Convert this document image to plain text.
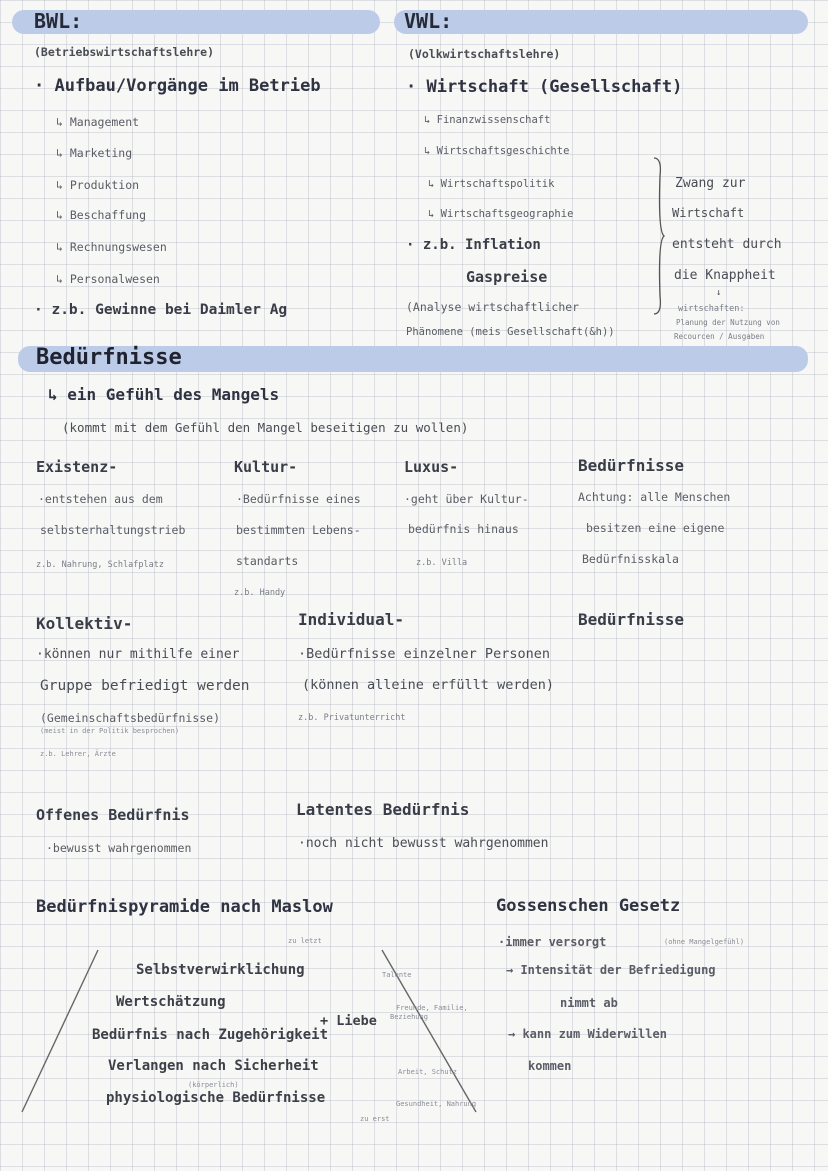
BWL:
(Betriebswirtschaftslehre)
· Aufbau/Vorgänge im Betrieb
↳ Management
↳ Marketing
↳ Produktion
↳ Beschaffung
↳ Rechnungswesen
↳ Personalwesen
· z.b. Gewinne bei Daimler Ag
VWL:
(Volkwirtschaftslehre)
· Wirtschaft (Gesellschaft)
↳ Finanzwissenschaft
↳ Wirtschaftsgeschichte
↳ Wirtschaftspolitik
↳ Wirtschaftsgeographie
· z.b. Inflation
Gaspreise
(Analyse wirtschaftlicher
Phänomene (meis Gesellschaft(&h))
Zwang zur
Wirtschaft
entsteht durch
die Knappheit
↓
wirtschaften:
Planung der Nutzung von
Recourcen / Ausgaben
Bedürfnisse
↳ ein Gefühl des Mangels
(kommt mit dem Gefühl den Mangel beseitigen zu wollen)
Existenz-
·entstehen aus dem
selbsterhaltungstrieb
z.b. Nahrung, Schlafplatz
Kultur-
·Bedürfnisse eines
bestimmten Lebens-
standarts
z.b. Handy
Luxus-
·geht über Kultur-
bedürfnis hinaus
z.b. Villa
Bedürfnisse
Achtung: alle Menschen
besitzen eine eigene
Bedürfnisskala
Kollektiv-
·können nur mithilfe einer
Gruppe befriedigt werden
(Gemeinschaftsbedürfnisse)
(meist in der Politik besprochen)
z.b. Lehrer, Ärzte
Individual-
·Bedürfnisse einzelner Personen
(können alleine erfüllt werden)
z.b. Privatunterricht
Bedürfnisse
Offenes Bedürfnis
·bewusst wahrgenommen
Latentes Bedürfnis
·noch nicht bewusst wahrgenommen
Bedürfnispyramide nach Maslow
zu letzt
Selbstverwirklichung
Wertschätzung
+ Liebe
Bedürfnis nach Zugehörigkeit
Verlangen nach Sicherheit
(körperlich)
physiologische Bedürfnisse
Talente
Freunde, Familie,
Beziehung
Arbeit, Schutz
Gesundheit, Nahrung
zu erst
Gossenschen Gesetz
·immer versorgt	(ohne Mangelgefühl)
→ Intensität der Befriedigung
nimmt ab
→ kann zum Widerwillen
kommen
